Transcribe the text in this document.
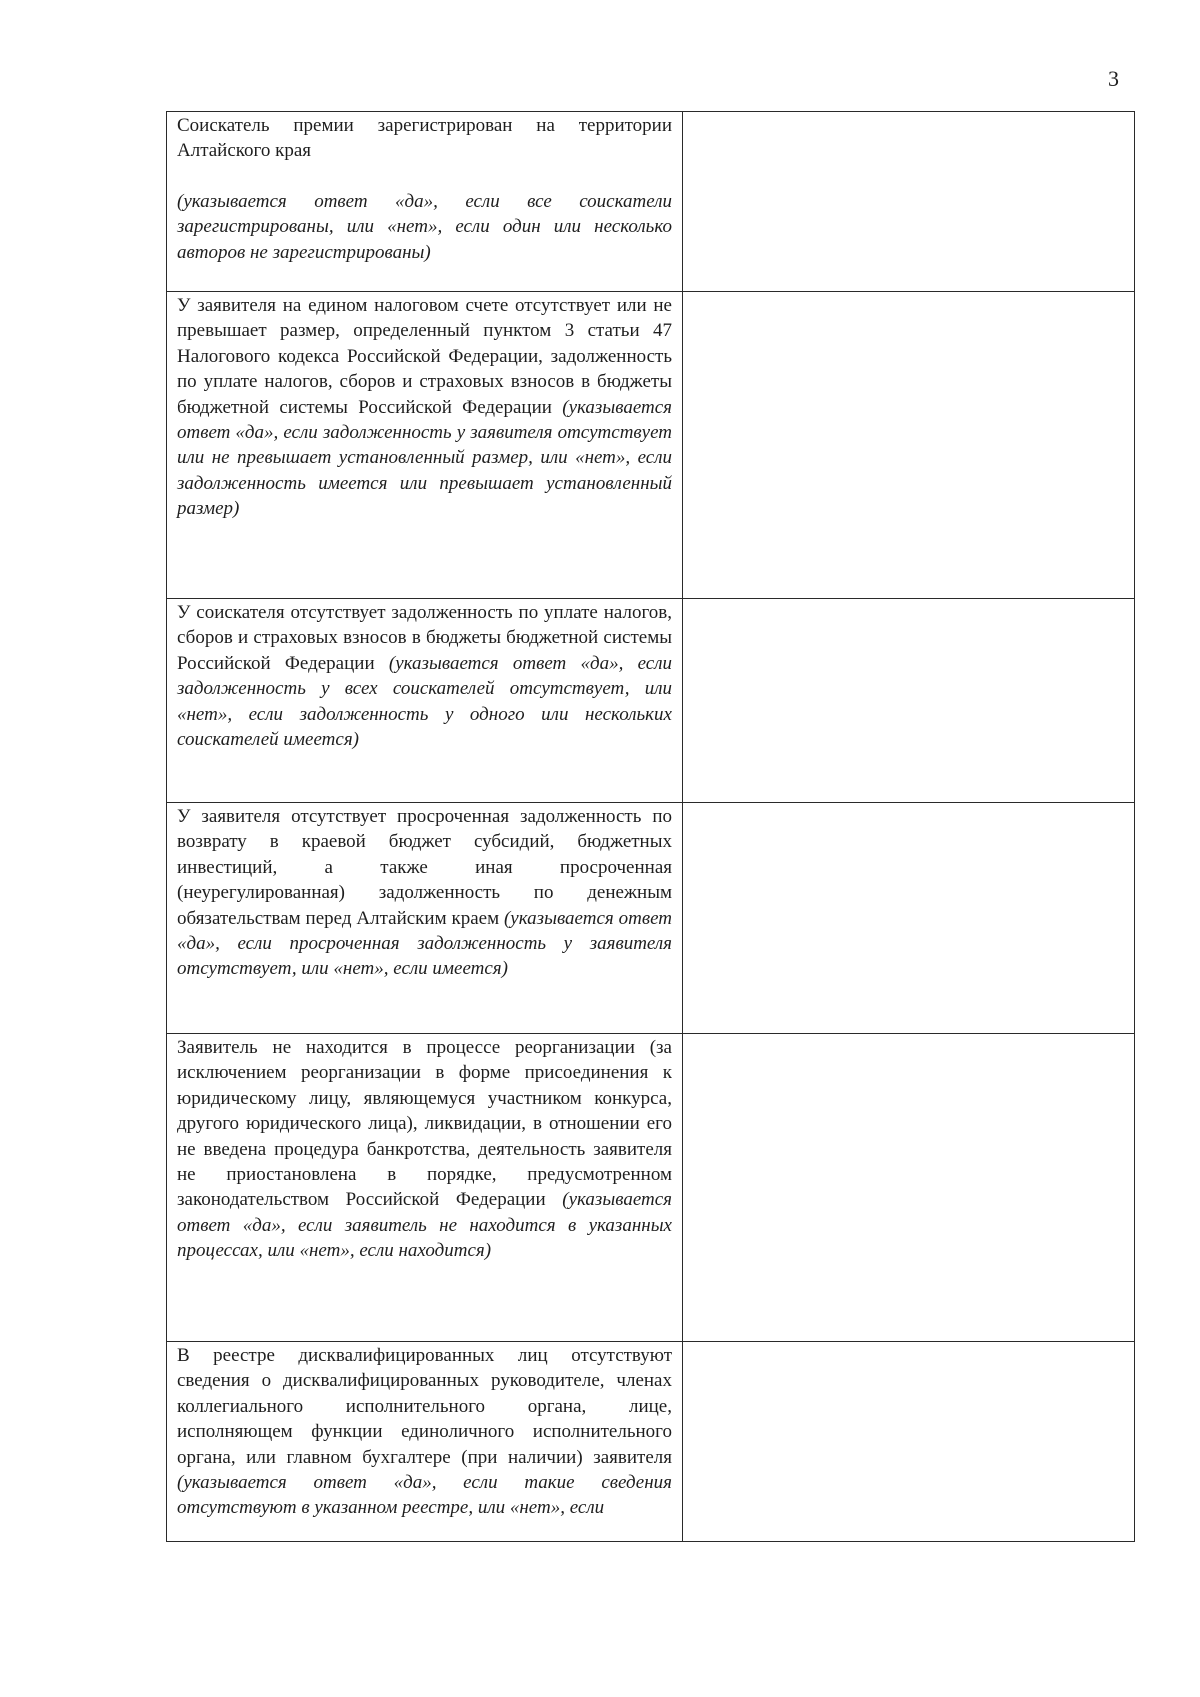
3
Соискатель премии зарегистрирован на территории Алтайского края
(указывается ответ «да», если все соискатели зарегистрированы, или «нет», если один или несколько авторов не зарегистрированы)	

У заявителя на едином налоговом счете отсутствует или не превышает размер, определенный пунктом 3 статьи 47 Налогового кодекса Российской Федерации, задолженность по уплате налогов, сборов и страховых взносов в бюджеты бюджетной системы Российской Федерации (указывается ответ «да», если задолженность у заявителя отсутствует или не превышает установленный размер, или «нет», если задолженность имеется или превышает установленный размер)	

У соискателя отсутствует задолженность по уплате налогов, сборов и страховых взносов в бюджеты бюджетной системы Российской Федерации (указывается ответ «да», если задолженность у всех соискателей отсутствует, или «нет», если задолженность у одного или нескольких соискателей имеется)	

У заявителя отсутствует просроченная задолженность по возврату в краевой бюджет субсидий, бюджетных инвестиций, а также иная просроченная (неурегулированная) задолженность по денежным обязательствам перед Алтайским краем (указывается ответ «да», если просроченная задолженность у заявителя отсутствует, или «нет», если имеется)	

Заявитель не находится в процессе реорганизации (за исключением реорганизации в форме присоединения к юридическому лицу, являющемуся участником конкурса, другого юридического лица), ликвидации, в отношении его не введена процедура банкротства, деятельность заявителя не приостановлена в порядке, предусмотренном законодательством Российской Федерации (указывается ответ «да», если заявитель не находится в указанных процессах, или «нет», если находится)	

В реестре дисквалифицированных лиц отсутствуют сведения о дисквалифицированных руководителе, членах коллегиального исполнительного органа, лице, исполняющем функции единоличного исполнительного органа, или главном бухгалтере (при наличии) заявителя (указывается ответ «да», если такие сведения отсутствуют в указанном реестре, или «нет», если	
